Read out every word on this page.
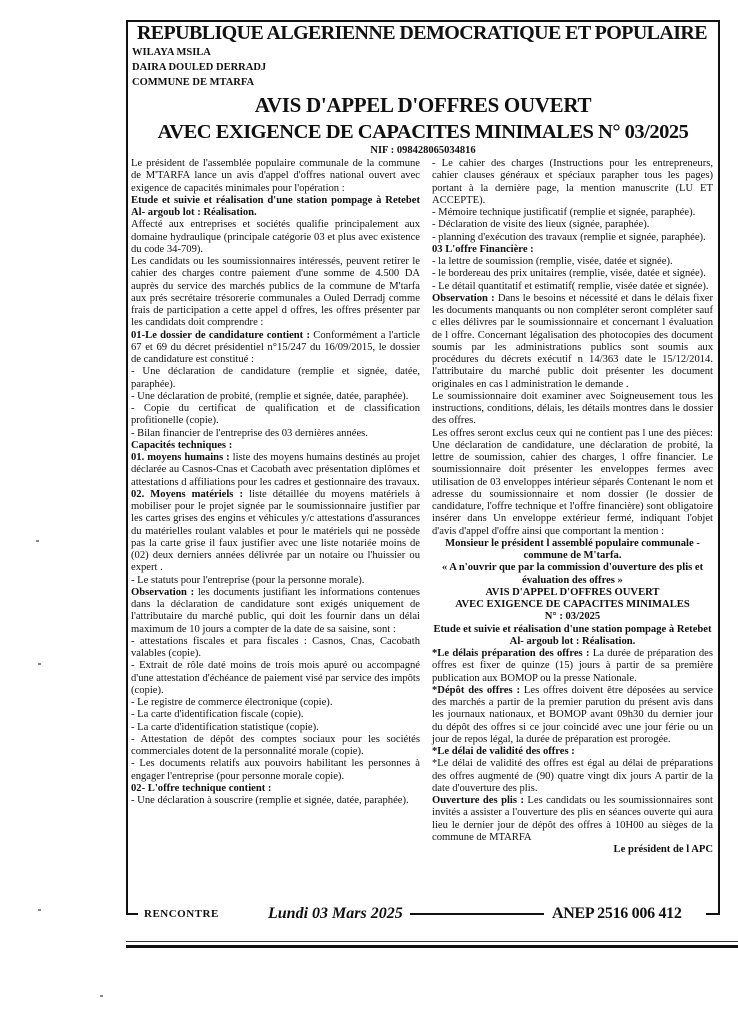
REPUBLIQUE ALGERIENNE DEMOCRATIQUE ET POPULAIRE
WILAYA MSILA
DAIRA DOULED DERRADJ
COMMUNE DE MTARFA
AVIS D'APPEL D'OFFRES OUVERT
AVEC EXIGENCE DE CAPACITES MINIMALES N° 03/2025
NIF : 098428065034816

Le président de l'assemblée populaire communale de la commune de M'TARFA lance un avis d'appel d'offres national ouvert avec exigence de capacités minimales pour l'opération :

Etude et suivie et réalisation d'une station pompage à Retebet Al- argoub lot : Réalisation.

Affecté aux entreprises et sociétés qualifie principalement aux domaine hydraulique (principale catégorie 03 et plus avec existence du code 34-709).

Les candidats ou les soumissionnaires intéressés, peuvent retirer le cahier des charges contre paiement d'une somme de 4.500 DA auprès du service des marchés publics de la commune de M'tarfa aux prés secrétaire trésorerie communales a Ouled Derradj comme frais de participation a cette appel d offres, les offres présenter par les candidats doit comprendre :

01-Le dossier de candidature contient : Conformément a l'article 67 et 69 du décret présidentiel n°15/247 du 16/09/2015, le dossier de candidature est constitué :

- Une déclaration de candidature (remplie et signée, datée, paraphée).

- Une déclaration de probité, (remplie et signée, datée, paraphée).

- Copie du certificat de qualification et de classification profitionelle (copie).

- Bilan financier de l'entreprise des 03 dernières années.

Capacités techniques :

01. moyens humains : liste des moyens humains destinés au projet déclarée au Casnos-Cnas et Cacobath avec présentation diplômes et attestations d affiliations pour les cadres et gestionnaire des travaux.

02. Moyens matériels : liste détaillée du moyens matériels à mobiliser pour le projet signée par le soumissionnaire justifier par les cartes grises des engins et véhicules y/c attestations d'assurances du matérielles roulant valables et pour le matériels qui ne possède pas la carte grise il faux justifier avec une liste notariée moins de (02) deux derniers années délivrée par un notaire ou l'huissier ou expert .

- Le statuts pour l'entreprise (pour la personne morale).

Observation : les documents justifiant les informations contenues dans la déclaration de candidature sont exigés uniquement de l'attributaire du marché public, qui doit les fournir dans un délai maximum de 10 jours a compter de la date de sa saisine, sont :

- attestations fiscales et para fiscales : Casnos, Cnas, Cacobath valables (copie).

- Extrait de rôle daté moins de trois mois apuré ou accompagné d'une attestation d'échéance de paiement visé par service des impôts (copie).

- Le registre de commerce électronique (copie).

- La carte d'identification fiscale (copie).

- La carte d'identification statistique (copie).

- Attestation de dépôt des comptes sociaux pour les sociétés commerciales dotent de la personnalité morale (copie).

- Les documents relatifs aux pouvoirs habilitant les personnes à engager l'entreprise (pour personne morale copie).

02- L'offre technique contient :

- Une déclaration à souscrire (remplie et signée, datée, paraphée).

- Le cahier des charges (Instructions pour les entrepreneurs, cahier clauses généraux et spéciaux parapher tous les pages) portant à la dernière page, la mention manuscrite (LU ET ACCEPTE).

- Mémoire technique justificatif (remplie et signée, paraphée).

- Déclaration de visite des lieux (signée, paraphée).

- planning d'exécution des travaux (remplie et signée, paraphée).

03 L'offre Financière :

- la lettre de soumission (remplie, visée, datée et signée).

- le bordereau des prix unitaires (remplie, visée, datée et signée).

- Le détail quantitatif et estimatif( remplie, visée datée et signée).

Observation : Dans le besoins et nécessité et dans le délais fixer les documents manquants ou non compléter seront compléter sauf c elles délivres par le soumissionnaire et concernant l évaluation de l offre. Concernant légalisation des photocopies des document soumis par les administrations publics sont soumis aux procédures du décrets exécutif n 14/363 date le 15/12/2014. l'attributaire du marché public doit présenter les document originales en cas l administration le demande .

Le soumissionnaire doit examiner avec Soigneusement tous les instructions, conditions, délais, les détails montres dans le dossier des offres.

Les offres seront exclus ceux qui ne contient pas l une des pièces: Une déclaration de candidature, une déclaration de probité, la lettre de soumission, cahier des charges, l offre financier. Le soumissionnaire doit présenter les enveloppes fermes avec utilisation de 03 enveloppes intérieur séparés Contenant le nom et adresse du soumissionnaire et nom dossier (le dossier de candidature, l'offre technique et l'offre financière) sont obligatoire insérer dans Un enveloppe extérieur fermé, indiquant l'objet d'avis d'appel d'offre ainsi que comportant la mention :

Monsieur le président l assemblé populaire communale - commune de M'tarfa.

« A n'ouvrir que par la commission d'ouverture des plis et évaluation des offres »

AVIS D'APPEL D'OFFRES OUVERT

AVEC EXIGENCE DE CAPACITES MINIMALES

N° : 03/2025

Etude et suivie et réalisation d'une station pompage à Retebet Al- argoub lot : Réalisation.

*Le délais préparation des offres : La durée de préparation des offres est fixer de quinze (15) jours à partir de sa première publication aux BOMOP ou la presse Nationale.

*Dépôt des offres : Les offres doivent être déposées au service des marchés a partir de la premier parution du présent avis dans les journaux nationaux, et BOMOP avant 09h30 du dernier jour du dépôt des offres si ce jour coincidé avec une jour férie ou un jour de repos légal, la durée de préparation est prorogée.

*Le délai de validité des offres :

*Le délai de validité des offres est égal au délai de préparations des offres augmenté de (90) quatre vingt dix jours A partir de la date d'ouverture des plis.

Ouverture des plis : Les candidats ou les soumissionnaires sont invités a assister a l'ouverture des plis en séances ouverte qui aura lieu le dernier jour de dépôt des offres à 10H00 au sièges de la commune de MTARFA

Le président de l APC

RENCONTRE	Lundi 03 Mars 2025	ANEP 2516 006 412
